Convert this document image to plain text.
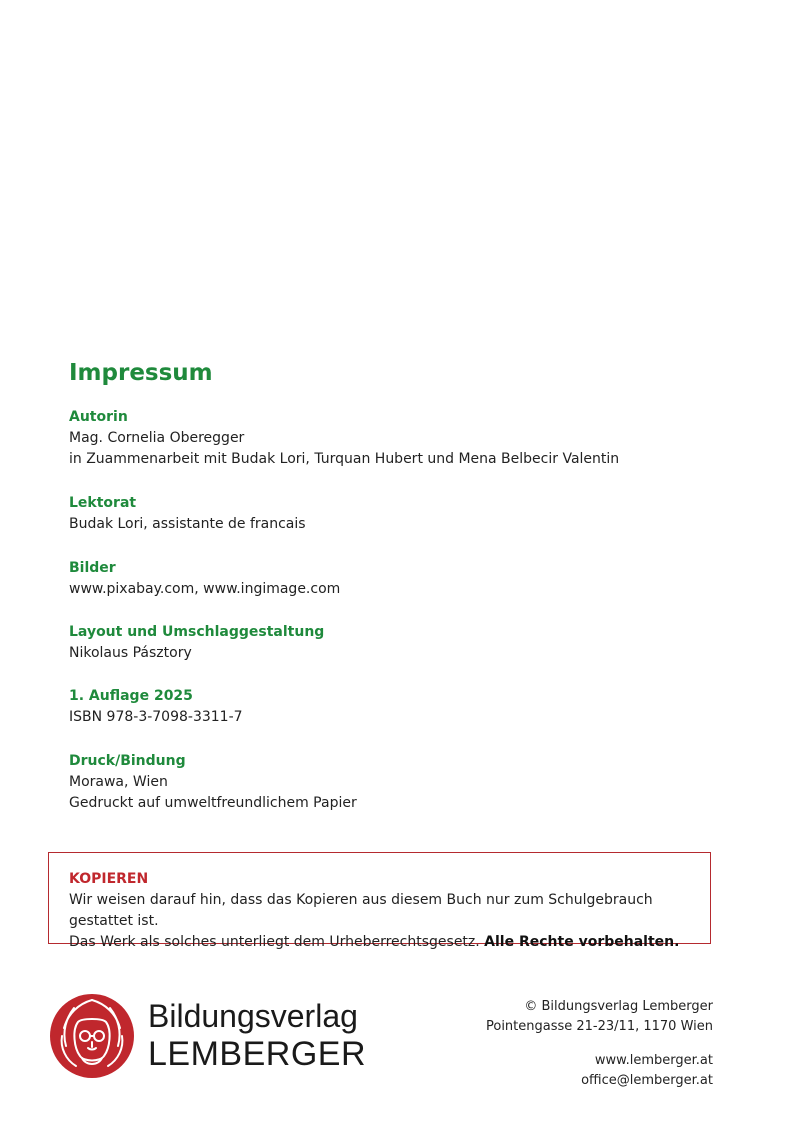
Impressum
Autorin

Mag. Cornelia Oberegger

in Zuammenarbeit mit Budak Lori, Turquan Hubert und Mena Belbecir Valentin

Lektorat

Budak Lori, assistante de francais

Bilder

www.pixabay.com, www.ingimage.com

Layout und Umschlaggestaltung

Nikolaus Pásztory

1. Auflage 2025

ISBN 978-3-7098-3311-7

Druck/Bindung

Morawa, Wien

Gedruckt auf umweltfreundlichem Papier

KOPIEREN

Wir weisen darauf hin, dass das Kopieren aus diesem Buch nur zum Schulgebrauch gestattet ist.
Das Werk als solches unterliegt dem Urheberrechtsgesetz. Alle Rechte vorbehalten.

Bildungsverlag
LEMBERGER

© Bildungsverlag Lemberger

Pointengasse 21-23/11, 1170 Wien

www.lemberger.at

office@lemberger.at
